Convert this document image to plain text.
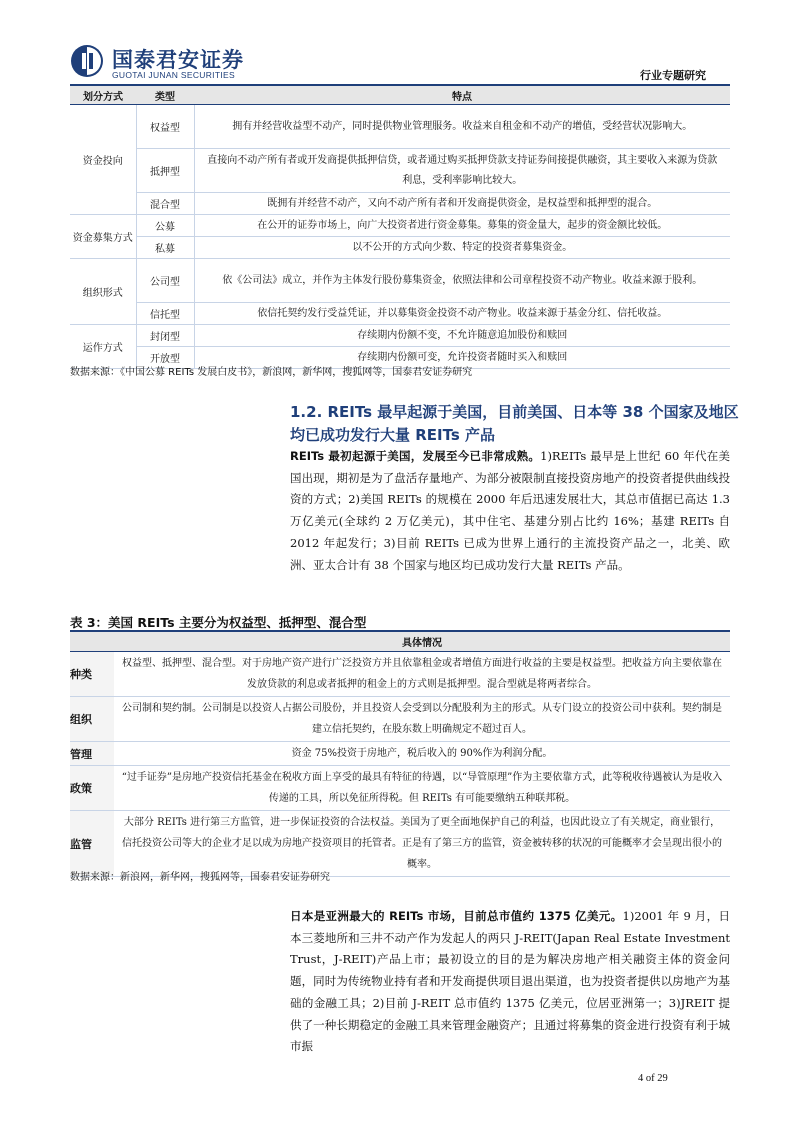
国泰君安证券
GUOTAI JUNAN SECURITIES	行业专题研究
划分方式	类型	特点
资金投向	权益型	拥有并经营收益型不动产，同时提供物业管理服务。收益来自租金和不动产的增值，受经营状况影响大。
	抵押型	直接向不动产所有者或开发商提供抵押信贷，或者通过购买抵押贷款支持证券间接提供融资，其主要收入来源为贷款利息，受利率影响比较大。
	混合型	既拥有并经营不动产，又向不动产所有者和开发商提供资金，是权益型和抵押型的混合。
资金募集方式	公募	在公开的证券市场上，向广大投资者进行资金募集。募集的资金量大，起步的资金额比较低。
	私募	以不公开的方式向少数、特定的投资者募集资金。
组织形式	公司型	依《公司法》成立，并作为主体发行股份募集资金，依照法律和公司章程投资不动产物业。收益来源于股利。
	信托型	依信托契约发行受益凭证，并以募集资金投资不动产物业。收益来源于基金分红、信托收益。
运作方式	封闭型	存续期内份额不变，不允许随意追加股份和赎回
	开放型	存续期内份额可变，允许投资者随时买入和赎回
数据来源：《中国公募 REITs 发展白皮书》，新浪网，新华网，搜狐网等，国泰君安证券研究
1.2. REITs 最早起源于美国，目前美国、日本等 38 个国家及地区均已成功发行大量 REITs 产品
REITs 最初起源于美国，发展至今已非常成熟。1)REITs 最早是上世纪 60 年代在美国出现，期初是为了盘活存量地产、为部分被限制直接投资房地产的投资者提供曲线投资的方式；2)美国 REITs 的规模在 2000 年后迅速发展壮大，其总市值据已高达 1.3 万亿美元(全球约 2 万亿美元)，其中住宅、基建分别占比约 16%；基建 REITs 自 2012 年起发行；3)目前 REITs 已成为世界上通行的主流投资产品之一，北美、欧洲、亚太合计有 38 个国家与地区均已成功发行大量 REITs 产品。
表 3：美国 REITs 主要分为权益型、抵押型、混合型
	具体情况
种类	权益型、抵押型、混合型。对于房地产资产进行广泛投资方并且依靠租金或者增值方面进行收益的主要是权益型。把收益方向主要依靠在发放贷款的利息或者抵押的租金上的方式则是抵押型。混合型就是将两者综合。
组织	公司制和契约制。公司制是以投资人占据公司股份，并且投资人会受到以分配股利为主的形式。从专门设立的投资公司中获利。契约制是建立信托契约，在股东数上明确规定不超过百人。
管理	资金 75%投资于房地产，税后收入的 90%作为利润分配。
政策	“过手证券”是房地产投资信托基金在税收方面上享受的最具有特征的待遇，以“导管原理”作为主要依靠方式，此等税收待遇被认为是收入传递的工具，所以免征所得税。但 REITs 有可能要缴纳五种联邦税。
监管	大部分 REITs 进行第三方监管，进一步保证投资的合法权益。美国为了更全面地保护自己的利益，也因此设立了有关规定，商业银行，信托投资公司等大的企业才足以成为房地产投资项目的托管者。正是有了第三方的监管，资金被转移的状况的可能概率才会呈现出很小的概率。
数据来源：新浪网，新华网，搜狐网等，国泰君安证券研究
日本是亚洲最大的 REITs 市场，目前总市值约 1375 亿美元。1)2001 年 9 月，日本三菱地所和三井不动产作为发起人的两只 J-REIT(Japan Real Estate Investment Trust，J-REIT)产品上市；最初设立的目的是为解决房地产相关融资主体的资金问题，同时为传统物业持有者和开发商提供项目退出渠道，也为投资者提供以房地产为基础的金融工具；2)目前 J-REIT 总市值约 1375 亿美元，位居亚洲第一；3)JREIT 提供了一种长期稳定的金融工具来管理金融资产；且通过将募集的资金进行投资有利于城市振
4 of 29
